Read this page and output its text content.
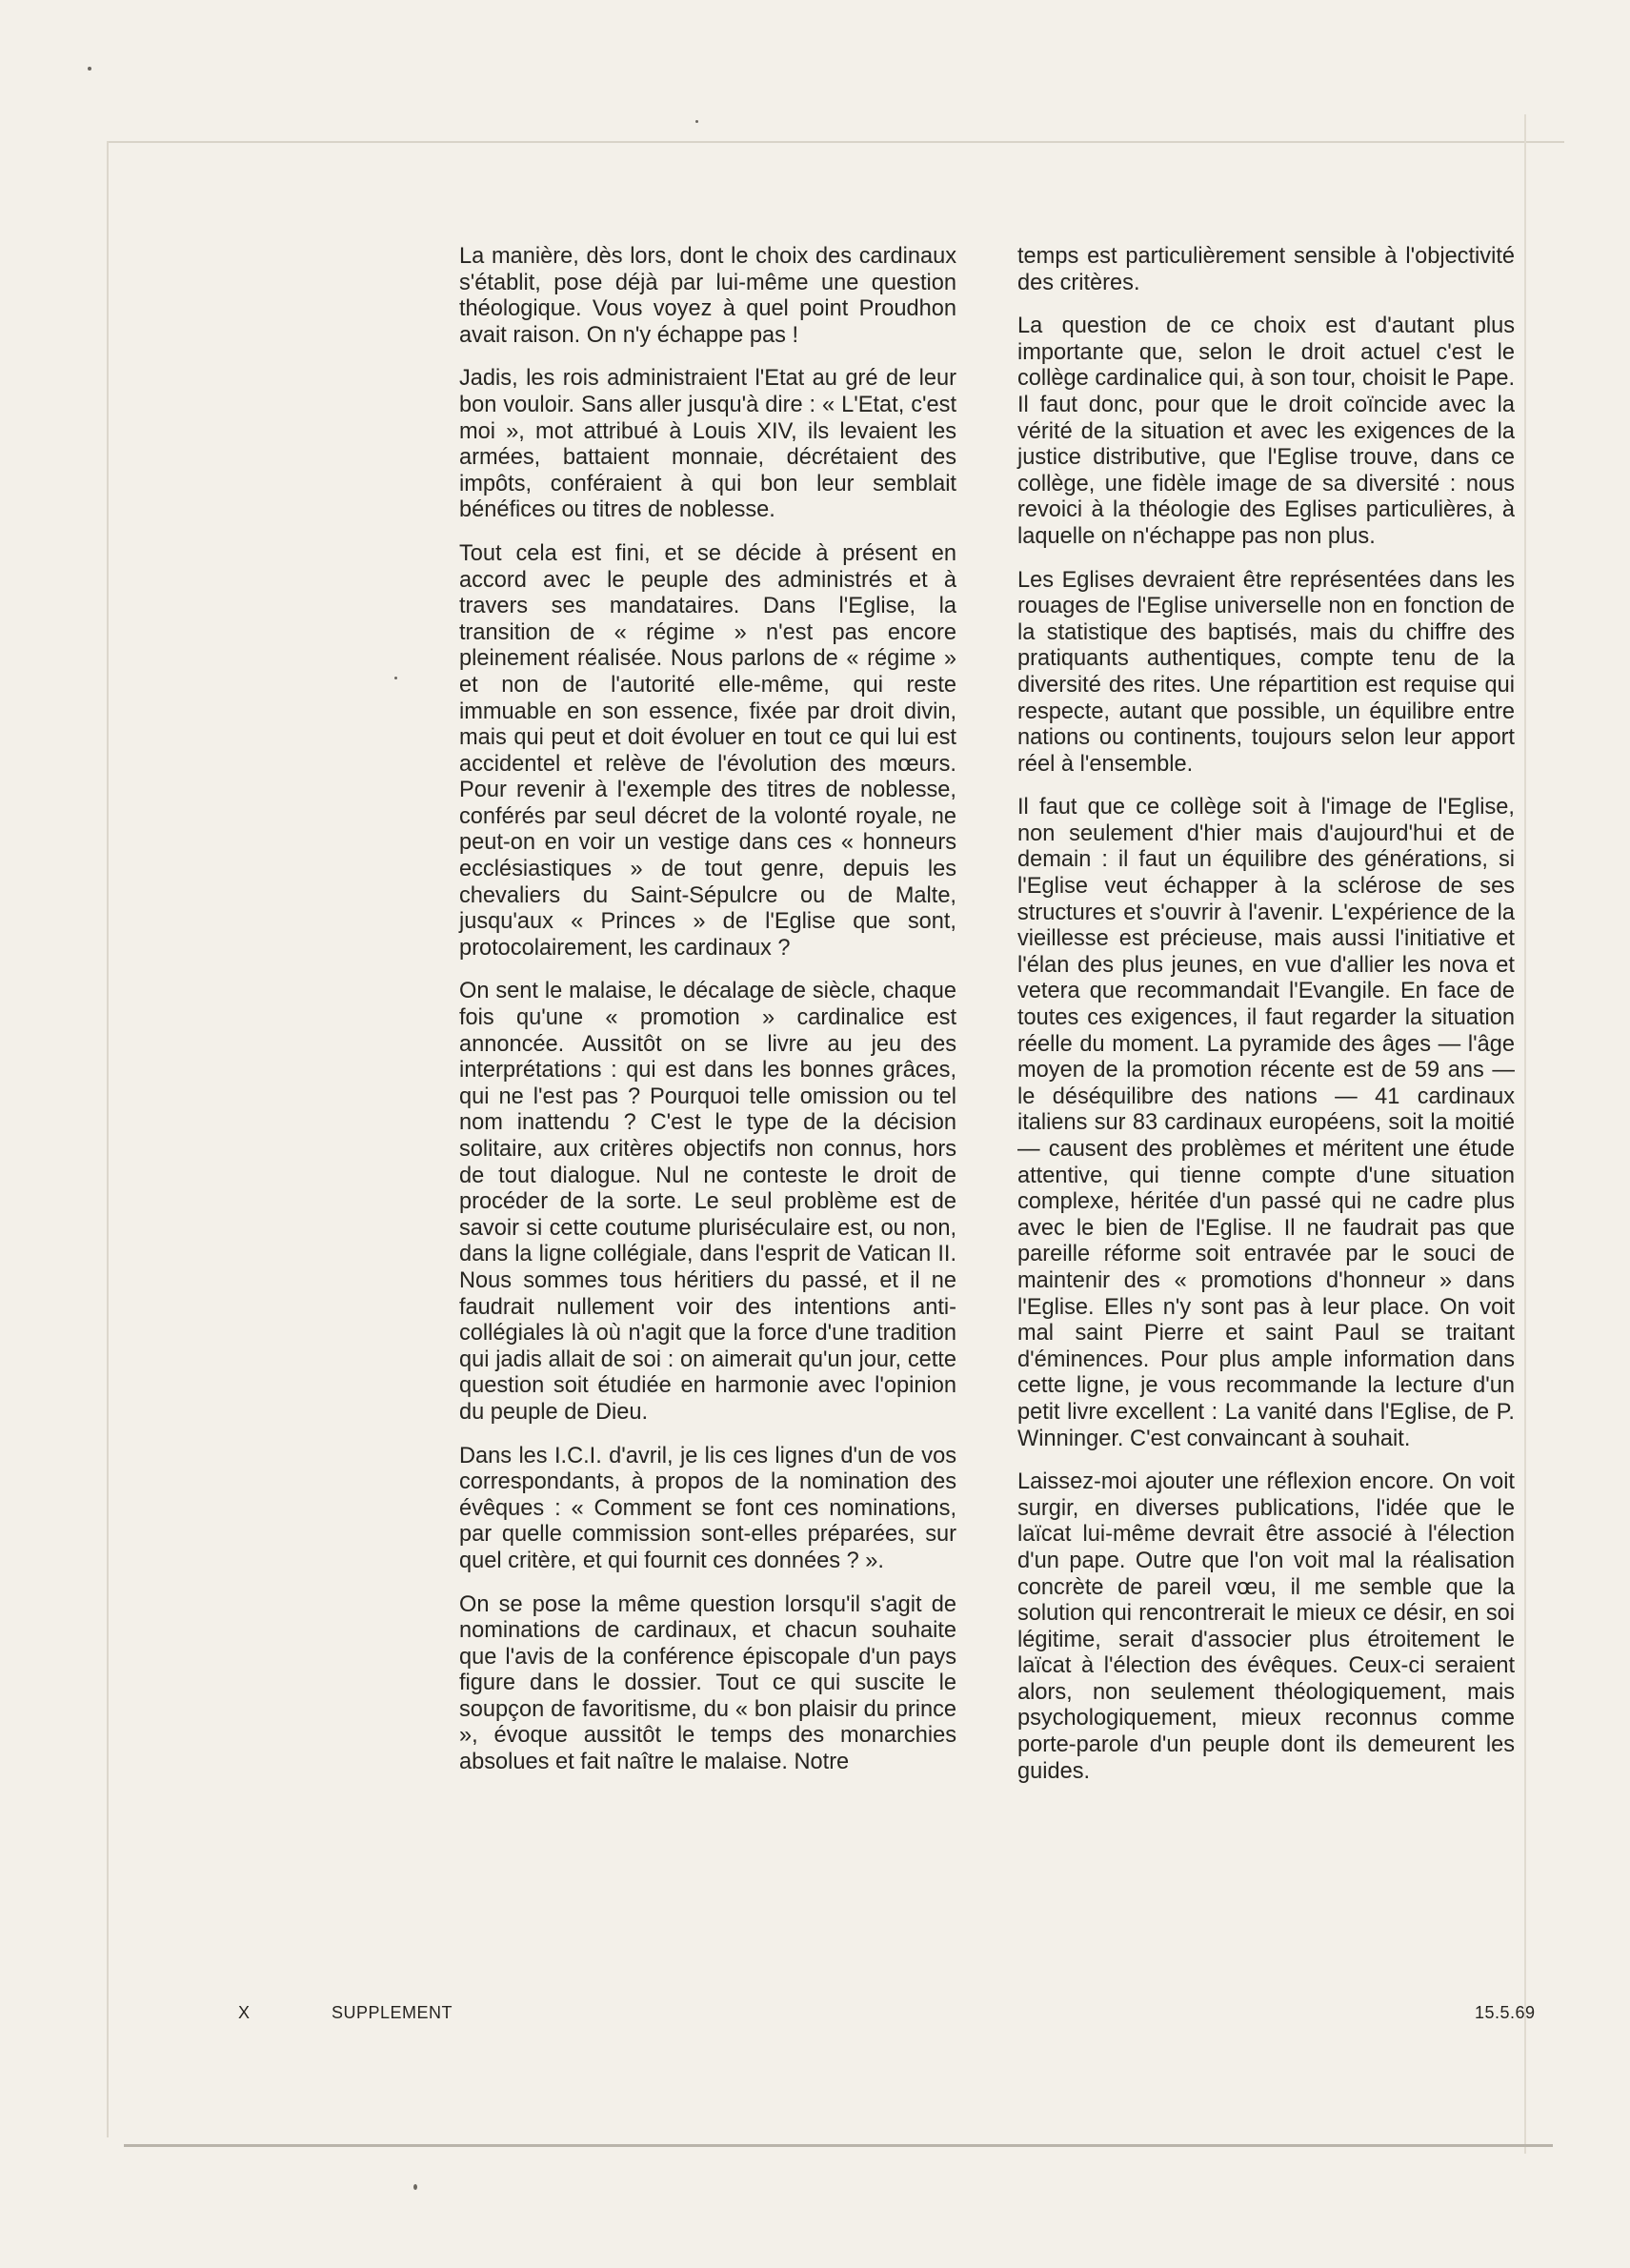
La manière, dès lors, dont le choix des cardinaux s'établit, pose déjà par lui-même une question théologique. Vous voyez à quel point Proudhon avait raison. On n'y échappe pas !

Jadis, les rois administraient l'Etat au gré de leur bon vouloir. Sans aller jusqu'à dire : « L'Etat, c'est moi », mot attribué à Louis XIV, ils levaient les armées, battaient monnaie, décrétaient des impôts, conféraient à qui bon leur semblait bénéfices ou titres de noblesse.

Tout cela est fini, et se décide à présent en accord avec le peuple des administrés et à travers ses mandataires. Dans l'Eglise, la transition de « régime » n'est pas encore pleinement réalisée. Nous parlons de « régime » et non de l'autorité elle-même, qui reste immuable en son essence, fixée par droit divin, mais qui peut et doit évoluer en tout ce qui lui est accidentel et relève de l'évolution des mœurs. Pour revenir à l'exemple des titres de noblesse, conférés par seul décret de la volonté royale, ne peut-on en voir un vestige dans ces « honneurs ecclésiastiques » de tout genre, depuis les chevaliers du Saint-Sépulcre ou de Malte, jusqu'aux « Princes » de l'Eglise que sont, protocolairement, les cardinaux ?

On sent le malaise, le décalage de siècle, chaque fois qu'une « promotion » cardinalice est annoncée. Aussitôt on se livre au jeu des interprétations : qui est dans les bonnes grâces, qui ne l'est pas ? Pourquoi telle omission ou tel nom inattendu ? C'est le type de la décision solitaire, aux critères objectifs non connus, hors de tout dialogue. Nul ne conteste le droit de procéder de la sorte. Le seul problème est de savoir si cette coutume pluriséculaire est, ou non, dans la ligne collégiale, dans l'esprit de Vatican II. Nous sommes tous héritiers du passé, et il ne faudrait nullement voir des intentions anti-collégiales là où n'agit que la force d'une tradition qui jadis allait de soi : on aimerait qu'un jour, cette question soit étudiée en harmonie avec l'opinion du peuple de Dieu.

Dans les I.C.I. d'avril, je lis ces lignes d'un de vos correspondants, à propos de la nomination des évêques : « Comment se font ces nominations, par quelle commission sont-elles préparées, sur quel critère, et qui fournit ces données ? ».

On se pose la même question lorsqu'il s'agit de nominations de cardinaux, et chacun souhaite que l'avis de la conférence épiscopale d'un pays figure dans le dossier. Tout ce qui suscite le soupçon de favoritisme, du « bon plaisir du prince », évoque aussitôt le temps des monarchies absolues et fait naître le malaise. Notre

temps est particulièrement sensible à l'objectivité des critères.

La question de ce choix est d'autant plus importante que, selon le droit actuel c'est le collège cardinalice qui, à son tour, choisit le Pape. Il faut donc, pour que le droit coïncide avec la vérité de la situation et avec les exigences de la justice distributive, que l'Eglise trouve, dans ce collège, une fidèle image de sa diversité : nous revoici à la théologie des Eglises particulières, à laquelle on n'échappe pas non plus.

Les Eglises devraient être représentées dans les rouages de l'Eglise universelle non en fonction de la statistique des baptisés, mais du chiffre des pratiquants authentiques, compte tenu de la diversité des rites. Une répartition est requise qui respecte, autant que possible, un équilibre entre nations ou continents, toujours selon leur apport réel à l'ensemble.

Il faut que ce collège soit à l'image de l'Eglise, non seulement d'hier mais d'aujourd'hui et de demain : il faut un équilibre des générations, si l'Eglise veut échapper à la sclérose de ses structures et s'ouvrir à l'avenir. L'expérience de la vieillesse est précieuse, mais aussi l'initiative et l'élan des plus jeunes, en vue d'allier les nova et vetera que recommandait l'Evangile. En face de toutes ces exigences, il faut regarder la situation réelle du moment. La pyramide des âges — l'âge moyen de la promotion récente est de 59 ans — le déséquilibre des nations — 41 cardinaux italiens sur 83 cardinaux européens, soit la moitié — causent des problèmes et méritent une étude attentive, qui tienne compte d'une situation complexe, héritée d'un passé qui ne cadre plus avec le bien de l'Eglise. Il ne faudrait pas que pareille réforme soit entravée par le souci de maintenir des « promotions d'honneur » dans l'Eglise. Elles n'y sont pas à leur place. On voit mal saint Pierre et saint Paul se traitant d'éminences. Pour plus ample information dans cette ligne, je vous recommande la lecture d'un petit livre excellent : La vanité dans l'Eglise, de P. Winninger. C'est convaincant à souhait.

Laissez-moi ajouter une réflexion encore. On voit surgir, en diverses publications, l'idée que le laïcat lui-même devrait être associé à l'élection d'un pape. Outre que l'on voit mal la réalisation concrète de pareil vœu, il me semble que la solution qui rencontrerait le mieux ce désir, en soi légitime, serait d'associer plus étroitement le laïcat à l'élection des évêques. Ceux-ci seraient alors, non seulement théologiquement, mais psychologiquement, mieux reconnus comme porte-parole d'un peuple dont ils demeurent les guides.

X	SUPPLEMENT	15.5.69
